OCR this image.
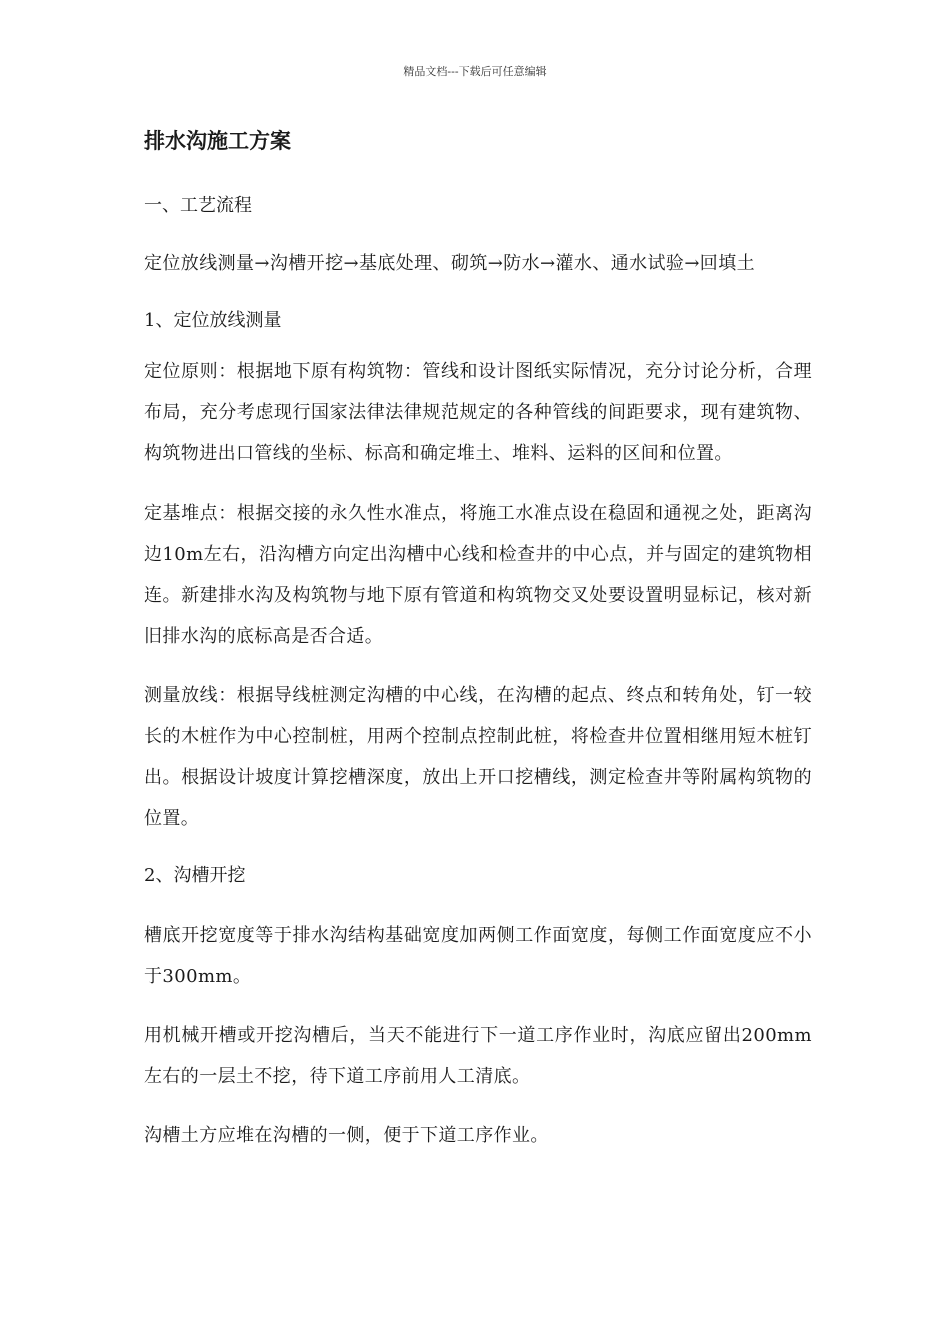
精品文档---下载后可任意编辑
排水沟施工方案
一、工艺流程
定位放线测量→沟槽开挖→基底处理、砌筑→防水→灌水、通水试验→回填土
1、定位放线测量

定位原则：根据地下原有构筑物：管线和设计图纸实际情况，充分讨论分析，合理布局，充分考虑现行国家法律法律规范规定的各种管线的间距要求，现有建筑物、构筑物进出口管线的坐标、标高和确定堆土、堆料、运料的区间和位置。

定基堆点：根据交接的永久性水准点，将施工水准点设在稳固和通视之处，距离沟边10m左右，沿沟槽方向定出沟槽中心线和检查井的中心点，并与固定的建筑物相连。新建排水沟及构筑物与地下原有管道和构筑物交叉处要设置明显标记，核对新旧排水沟的底标高是否合适。

测量放线：根据导线桩测定沟槽的中心线，在沟槽的起点、终点和转角处，钉一较长的木桩作为中心控制桩，用两个控制点控制此桩，将检查井位置相继用短木桩钉出。根据设计坡度计算挖槽深度，放出上开口挖槽线，测定检查井等附属构筑物的位置。

2、沟槽开挖

槽底开挖宽度等于排水沟结构基础宽度加两侧工作面宽度，每侧工作面宽度应不小于300mm。

用机械开槽或开挖沟槽后，当天不能进行下一道工序作业时，沟底应留出200mm左右的一层土不挖，待下道工序前用人工清底。

沟槽土方应堆在沟槽的一侧，便于下道工序作业。
